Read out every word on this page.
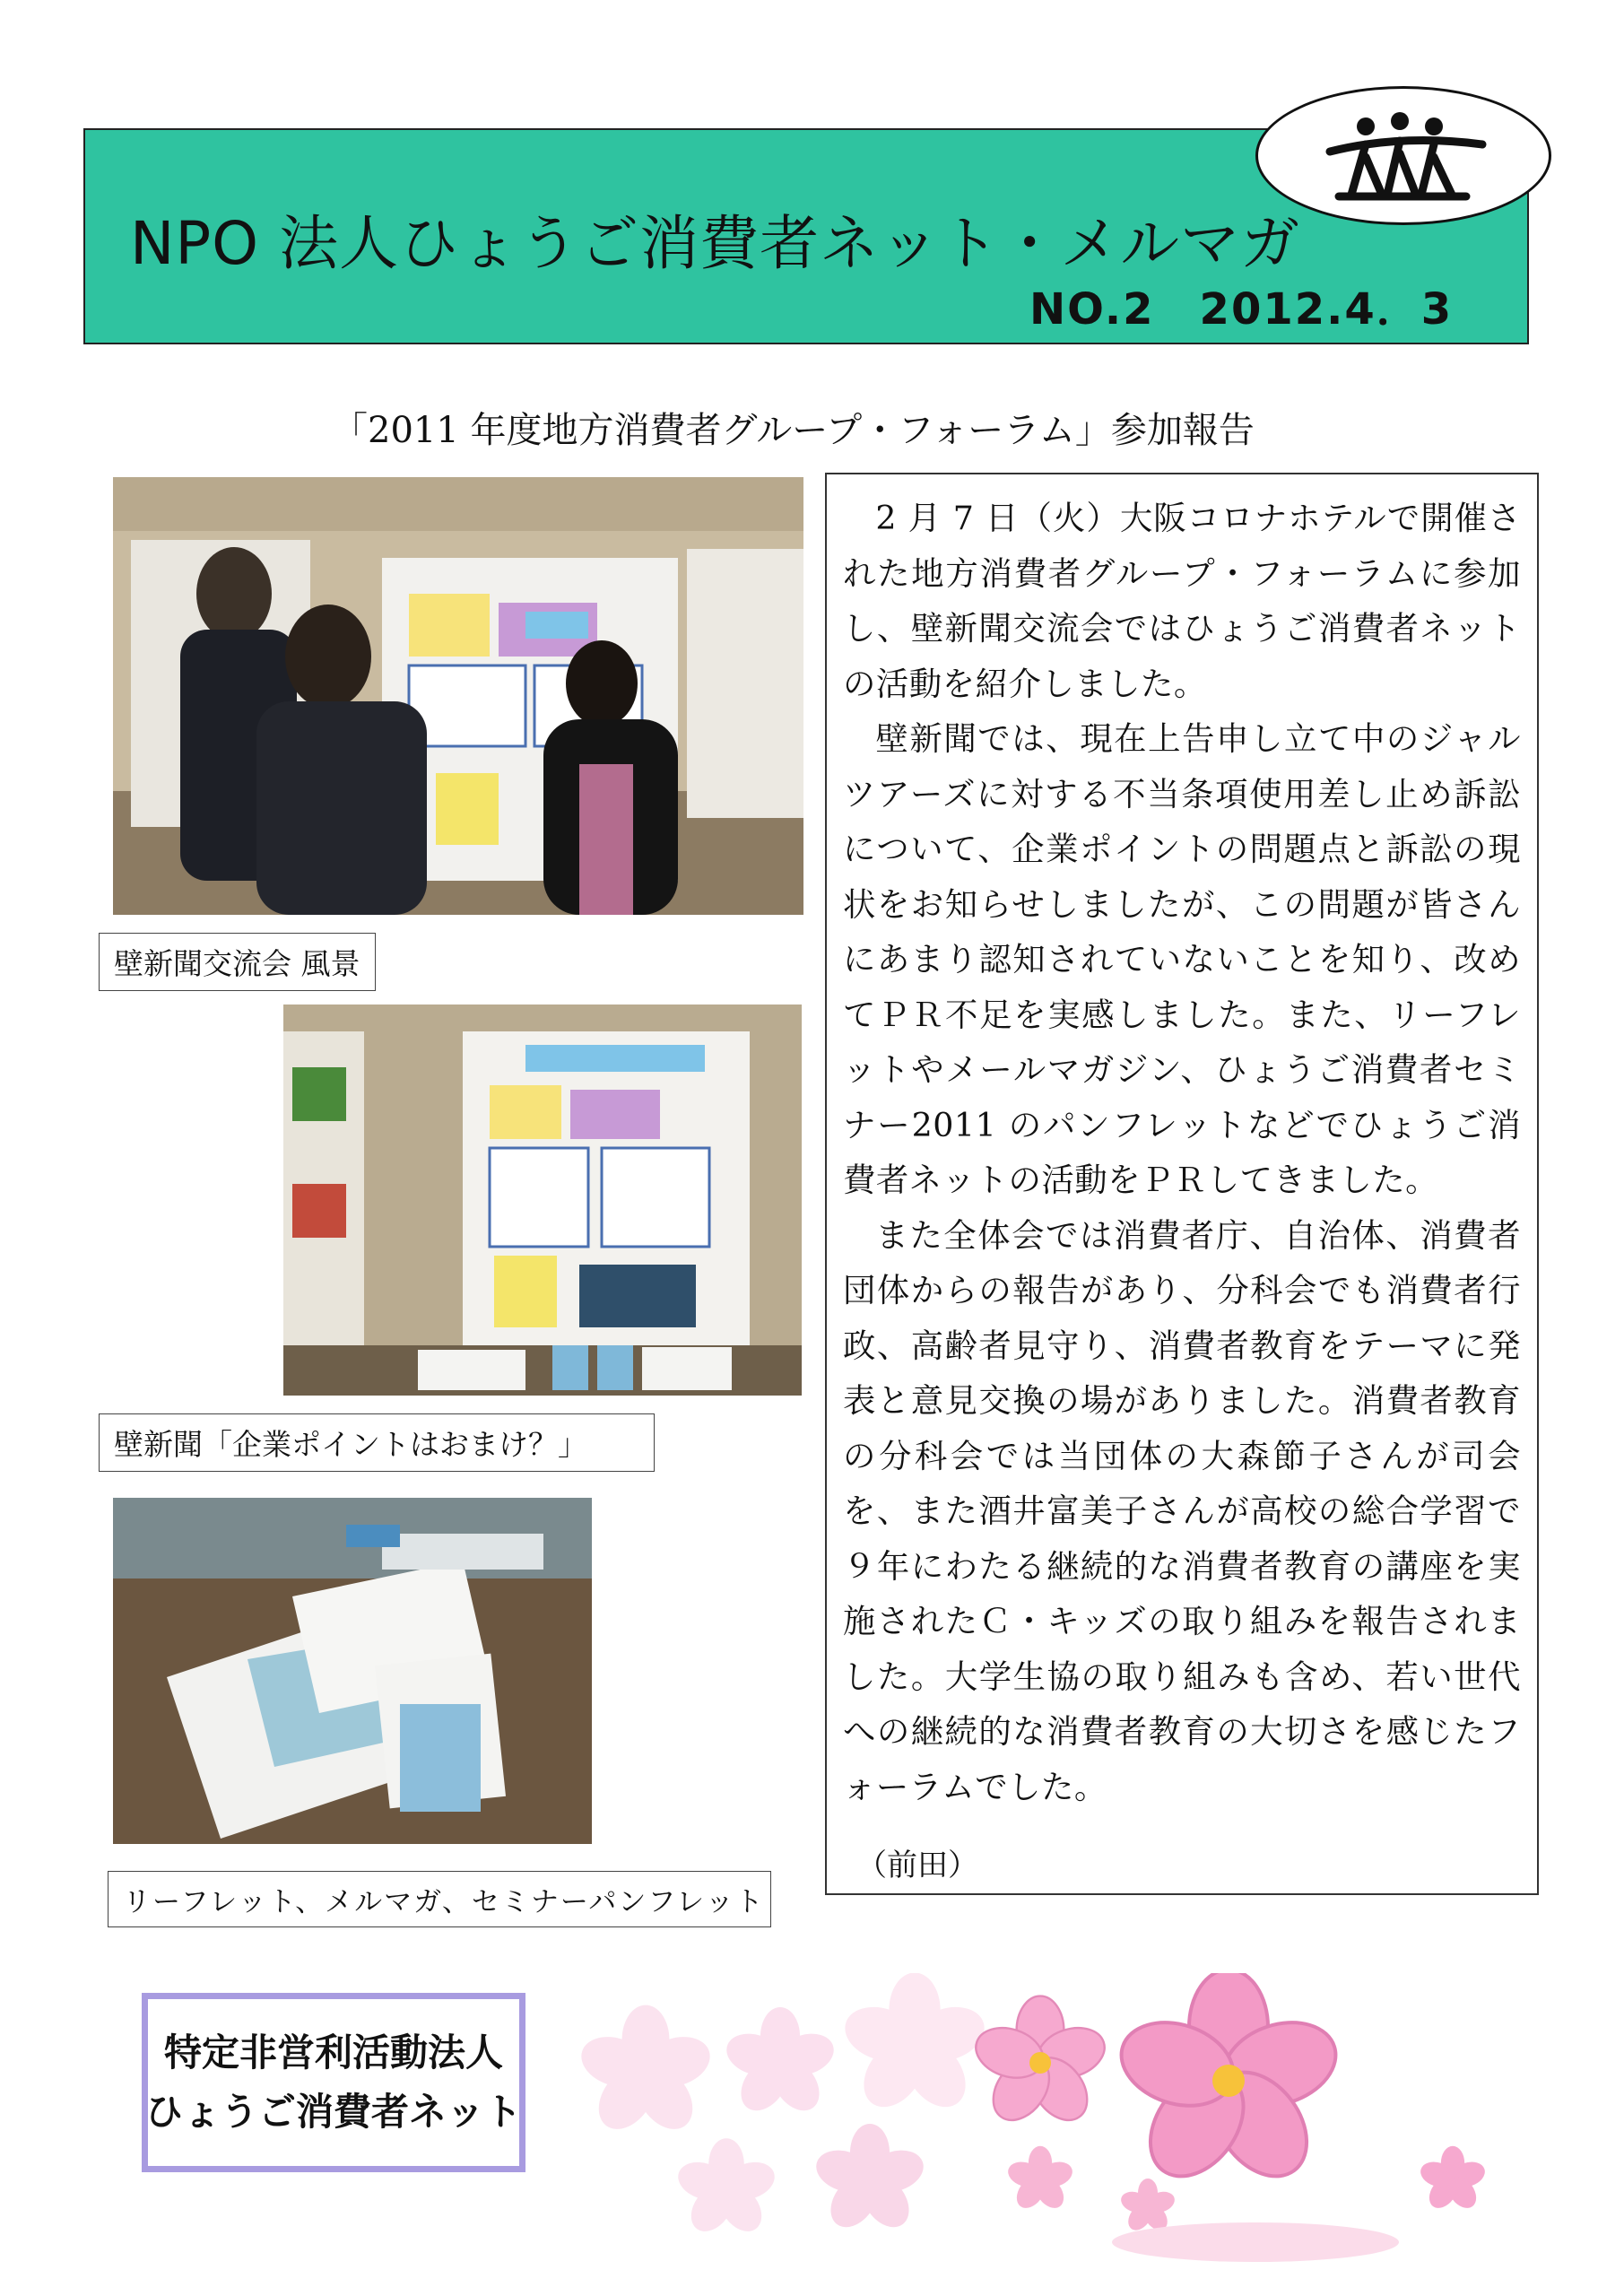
NPO 法人ひょうご消費者ネット・メルマガ
NO.2　2012.4．3
「2011 年度地方消費者グループ・フォーラム」参加報告
壁新聞交流会 風景
壁新聞「企業ポイントはおまけ？」
リーフレット、メルマガ、セミナーパンフレット

2 月 7 日（火）大阪コロナホテルで開催された地方消費者グループ・フォーラムに参加し、壁新聞交流会ではひょうご消費者ネットの活動を紹介しました。

壁新聞では、現在上告申し立て中のジャルツアーズに対する不当条項使用差し止め訴訟について、企業ポイントの問題点と訴訟の現状をお知らせしましたが、この問題が皆さんにあまり認知されていないことを知り、改めてＰＲ不足を実感しました。また、リーフレットやメールマガジン、ひょうご消費者セミナー2011 のパンフレットなどでひょうご消費者ネットの活動をＰＲしてきました。

また全体会では消費者庁、自治体、消費者団体からの報告があり、分科会でも消費者行政、高齢者見守り、消費者教育をテーマに発表と意見交換の場がありました。消費者教育の分科会では当団体の大森節子さんが司会を、また酒井富美子さんが高校の総合学習で９年にわたる継続的な消費者教育の講座を実施されたＣ・キッズの取り組みを報告されました。大学生協の取り組みも含め、若い世代への継続的な消費者教育の大切さを感じたフォーラムでした。

（前田）
特定非営利活動法人
ひょうご消費者ネット
